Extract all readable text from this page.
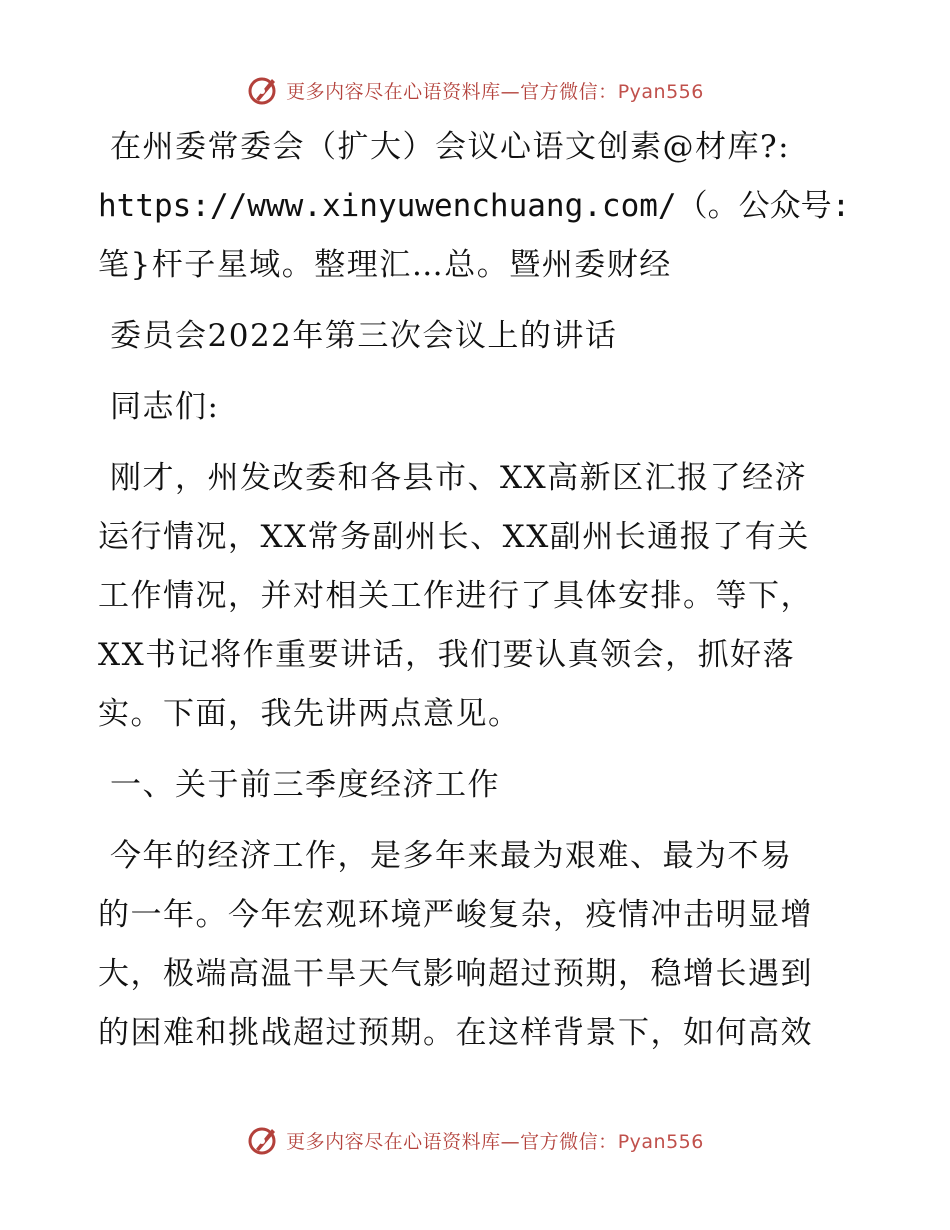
更多内容尽在心语资料库—官方微信：Pyan556
在州委常委会（扩大）会议心语文创素@材库?:
https://www.xinyuwenchuang.com/（。公众号:
笔}杆子星域。整理汇…总。暨州委财经
委员会2022年第三次会议上的讲话
同志们:
刚才，州发改委和各县市、XX高新区汇报了经济
运行情况，XX常务副州长、XX副州长通报了有关
工作情况，并对相关工作进行了具体安排。等下，
XX书记将作重要讲话，我们要认真领会，抓好落
实。下面，我先讲两点意见。
一、关于前三季度经济工作
今年的经济工作，是多年来最为艰难、最为不易
的一年。今年宏观环境严峻复杂，疫情冲击明显增
大，极端高温干旱天气影响超过预期，稳增长遇到
的困难和挑战超过预期。在这样背景下，如何高效
更多内容尽在心语资料库—官方微信：Pyan556
